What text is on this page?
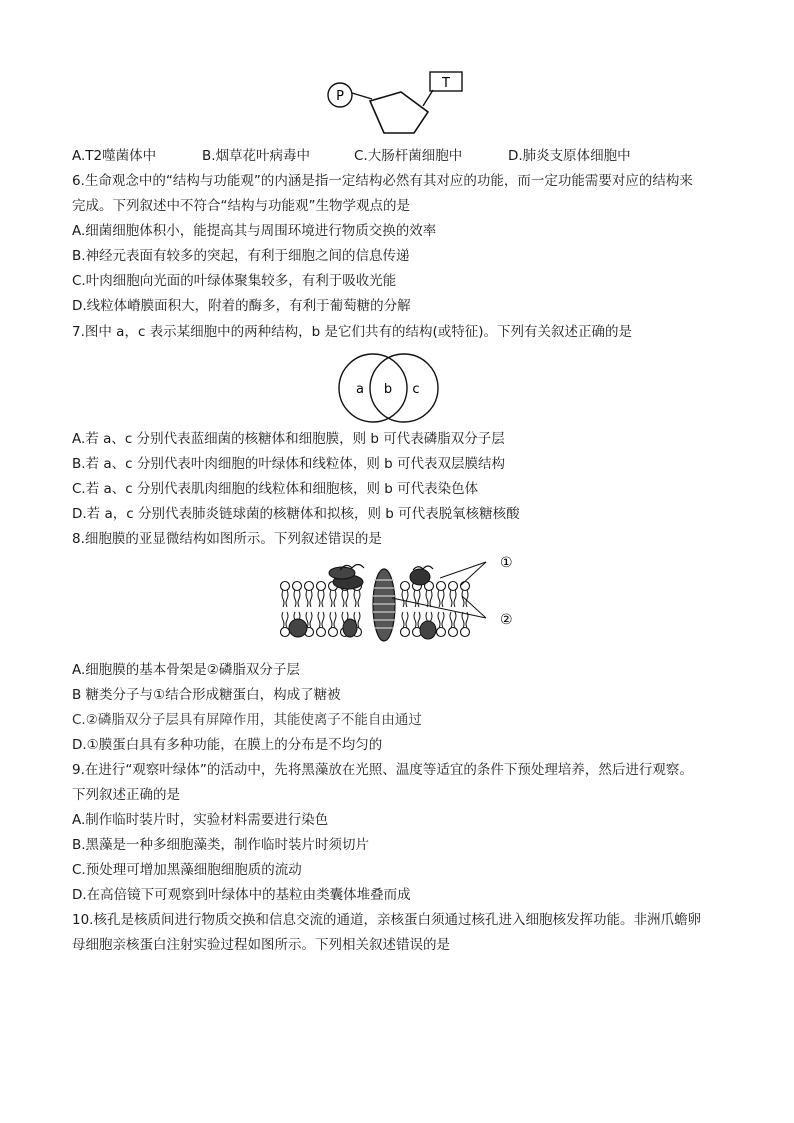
P
T
A.T2噬菌体中	B.烟草花叶病毒中	C.大肠杆菌细胞中	D.肺炎支原体细胞中
6.生命观念中的“结构与功能观”的内涵是指一定结构必然有其对应的功能，而一定功能需要对应的结构来
完成。下列叙述中不符合“结构与功能观”生物学观点的是
A.细菌细胞体积小，能提高其与周围环境进行物质交换的效率
B.神经元表面有较多的突起，有利于细胞之间的信息传递
C.叶肉细胞向光面的叶绿体聚集较多，有利于吸收光能
D.线粒体嵴膜面积大，附着的酶多，有利于葡萄糖的分解
7.图中 a，c 表示某细胞中的两种结构，b 是它们共有的结构(或特征)。下列有关叙述正确的是
a b c
A.若 a、c 分别代表蓝细菌的核糖体和细胞膜，则 b 可代表磷脂双分子层
B.若 a、c 分别代表叶肉细胞的叶绿体和线粒体，则 b 可代表双层膜结构
C.若 a、c 分别代表肌肉细胞的线粒体和细胞核，则 b 可代表染色体
D.若 a，c 分别代表肺炎链球菌的核糖体和拟核，则 b 可代表脱氧核糖核酸
8.细胞膜的亚显微结构如图所示。下列叙述错误的是
①
②
A.细胞膜的基本骨架是②磷脂双分子层
B 糖类分子与①结合形成糖蛋白，构成了糖被
C.②磷脂双分子层具有屏障作用，其能使离子不能自由通过
D.①膜蛋白具有多种功能，在膜上的分布是不均匀的
9.在进行“观察叶绿体”的活动中，先将黑藻放在光照、温度等适宜的条件下预处理培养，然后进行观察。
下列叙述正确的是
A.制作临时装片时，实验材料需要进行染色
B.黑藻是一种多细胞藻类，制作临时装片时须切片
C.预处理可增加黑藻细胞细胞质的流动
D.在高倍镜下可观察到叶绿体中的基粒由类囊体堆叠而成
10.核孔是核质间进行物质交换和信息交流的通道，亲核蛋白须通过核孔进入细胞核发挥功能。非洲爪蟾卵
母细胞亲核蛋白注射实验过程如图所示。下列相关叙述错误的是
